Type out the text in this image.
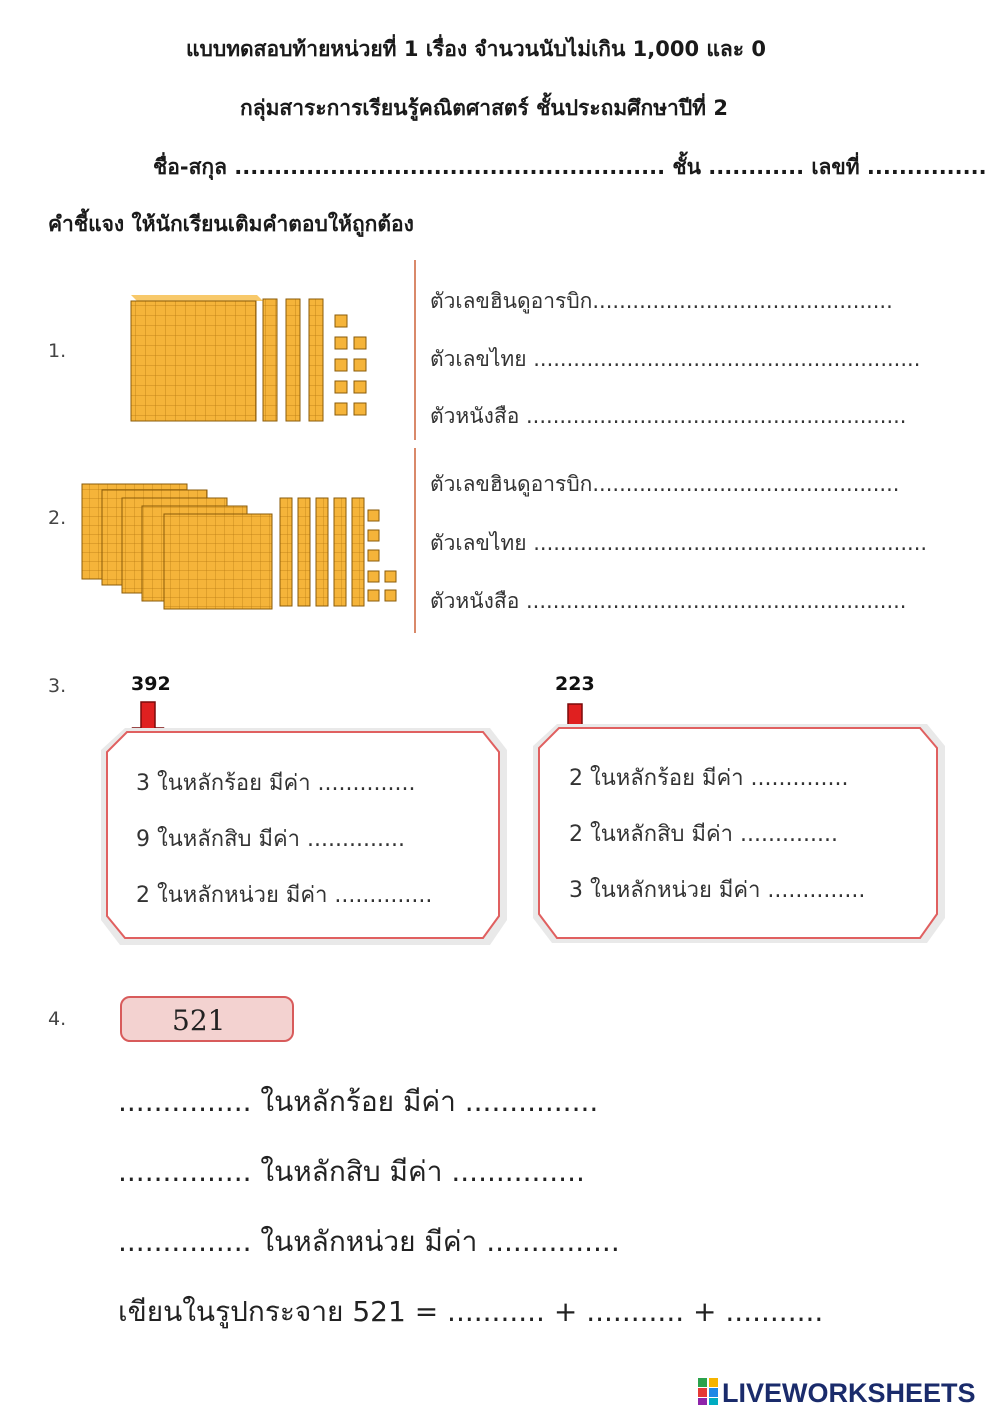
แบบทดสอบท้ายหน่วยที่ 1 เรื่อง จำนวนนับไม่เกิน 1,000 และ 0
กลุ่มสาระการเรียนรู้คณิตศาสตร์ ชั้นประถมศึกษาปีที่ 2
ชื่อ-สกุล ...................................................... ชั้น ............ เลขที่ ...............
คำชี้แจง ให้นักเรียนเติมคำตอบให้ถูกต้อง
1.
ตัวเลขฮินดูอารบิก.............................................
ตัวเลขไทย ..........................................................
ตัวหนังสือ .........................................................
2.
ตัวเลขฮินดูอารบิก..............................................
ตัวเลขไทย ...........................................................
ตัวหนังสือ .........................................................
3.	392	223
3 ในหลักร้อย มีค่า ..............
9 ในหลักสิบ มีค่า ..............
2 ในหลักหน่วย มีค่า ..............
2 ในหลักร้อย มีค่า ..............
2 ในหลักสิบ มีค่า ..............
3 ในหลักหน่วย มีค่า ..............
4.	521
............... ในหลักร้อย มีค่า ...............
............... ในหลักสิบ มีค่า ...............
............... ในหลักหน่วย มีค่า ...............
เขียนในรูปกระจาย 521 = ........... + ........... + ...........
LIVEWORKSHEETS
